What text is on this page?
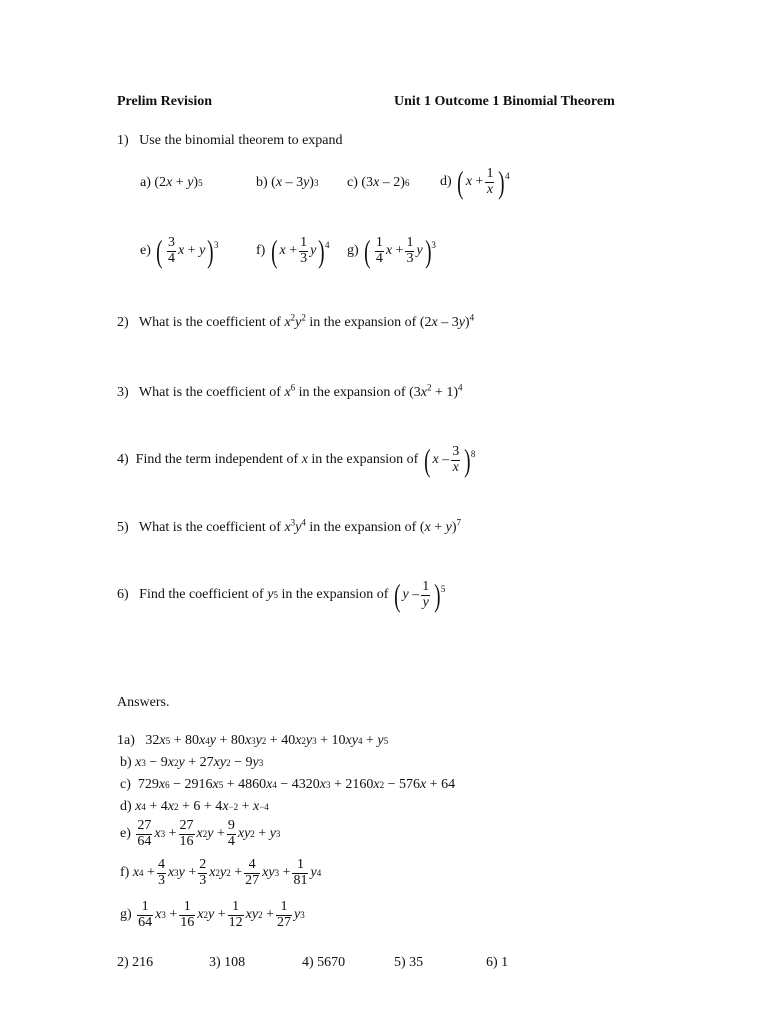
Prelim Revision	Unit 1 Outcome 1 Binomial Theorem
1) Use the binomial theorem to expand
a) (2 x + y ) 5	b) ( x – 3 y ) 3 c) (3 x – 2) 6 d)
( $x + \frac{1}{x}$ ) 4
e)
( $\frac{3}{4}$ x + y ) 3	f)
( $x + \frac{1}{3}$ y ) 4 g)
( $\frac{1}{4}$ $x + \frac{1}{3}$ y ) 3
2) What is the coefficient of $x^2y^2$ in the expansion of (2x – 3y)$^4$
3) What is the coefficient of $x^6$ in the expansion of $(3x^2 + 1)^4$
4)
Find the term independent of
x
in the expansion of
( x – $\frac{3}{x}$ ) 8
5) What is the coefficient of $x^3y^4$ in the expansion of $(x + y)^7$
6)
Find the coefficient of
y 5
in the expansion of
( y – $\frac{1}{y}$ ) 5
Answers.
1a) 32 x 5 + 80 x 4 y + 80 x 3 y 2 + 40 x 2 y 3 + 10 xy 4 + y 5
b)
x 3 − 9 x 2 y + 27 xy 2 − 9 y 3
c) 729 x 6 − 2916 x 5 + 4860 x 4 − 4320 x 3 + 2160 x 2 − 576 x + 64
d)
x 4 + 4 x 2 + 6 + 4 x −2 + x −4
e)
$\frac{27}{64}$ x $3 + \frac{27}{16}$ x 2 $y + \frac{9}{4}$ xy 2 + y 3
f)
x $4 + \frac{4}{3}$ x 3 $y + \frac{2}{3}$ x 2 y $2 + \frac{4}{27}$ xy $3 + \frac{1}{81}$ y 4
g)
$\frac{1}{64}$ x $3 + \frac{1}{16}$ x 2 $y + \frac{1}{12}$ xy $2 + \frac{1}{27}$ y 3
2) 216	3) 108	4) 5670	5) 35	6) 1
